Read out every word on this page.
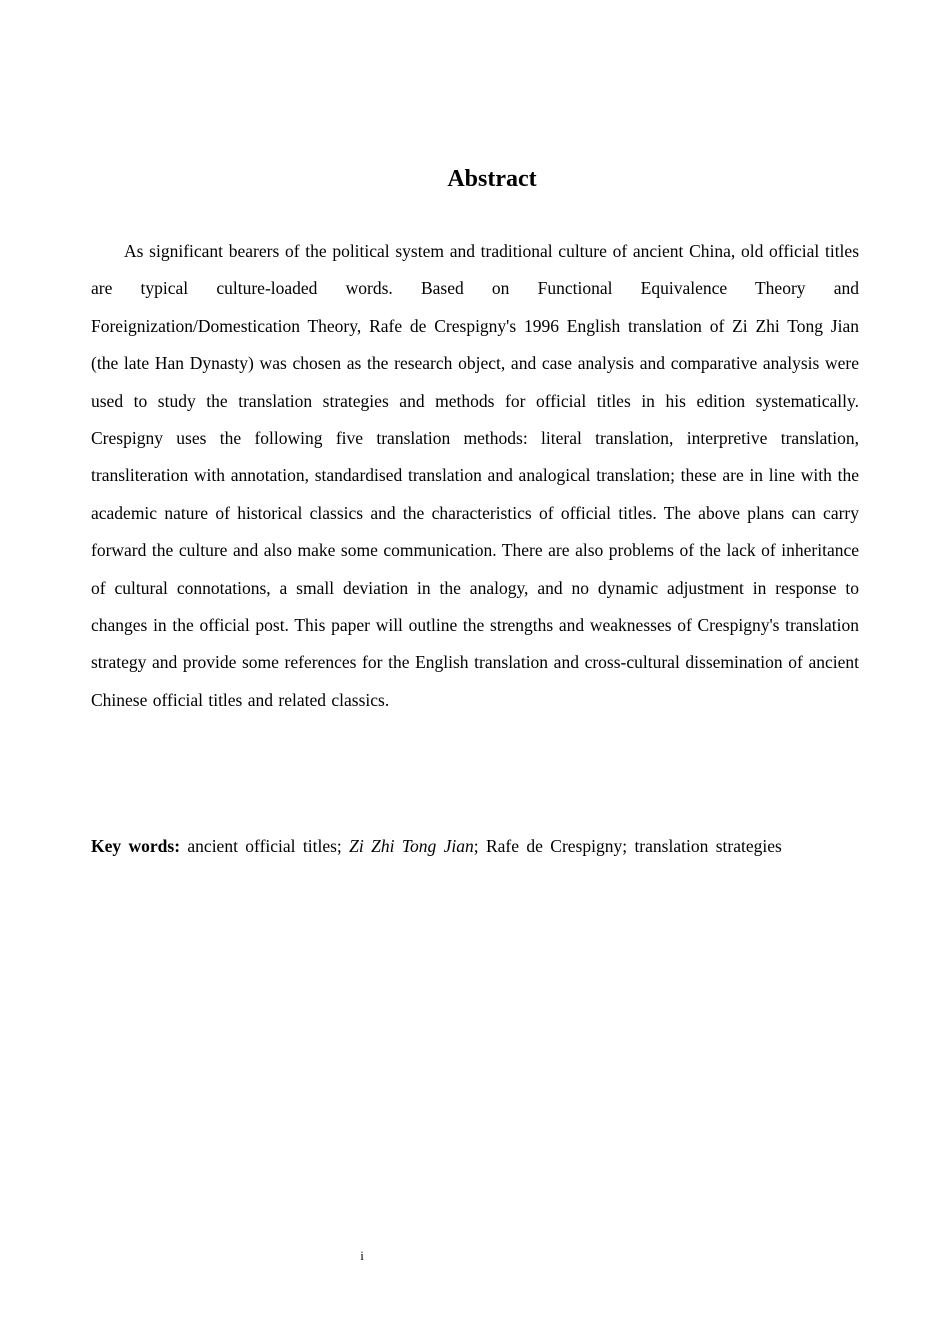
Abstract

As significant bearers of the political system and traditional culture of ancient China, old official titles are typical culture-loaded words. Based on Functional Equivalence Theory and Foreignization/Domestication Theory, Rafe de Crespigny's 1996 English translation of Zi Zhi Tong Jian (the late Han Dynasty) was chosen as the research object, and case analysis and comparative analysis were used to study the translation strategies and methods for official titles in his edition systematically. Crespigny uses the following five translation methods: literal translation, interpretive translation, transliteration with annotation, standardised translation and analogical translation; these are in line with the academic nature of historical classics and the characteristics of official titles. The above plans can carry forward the culture and also make some communication. There are also problems of the lack of inheritance of cultural connotations, a small deviation in the analogy, and no dynamic adjustment in response to changes in the official post. This paper will outline the strengths and weaknesses of Crespigny's translation strategy and provide some references for the English translation and cross-cultural dissemination of ancient Chinese official titles and related classics.

Key words: ancient official titles; Zi Zhi Tong Jian; Rafe de Crespigny; translation strategies

i
